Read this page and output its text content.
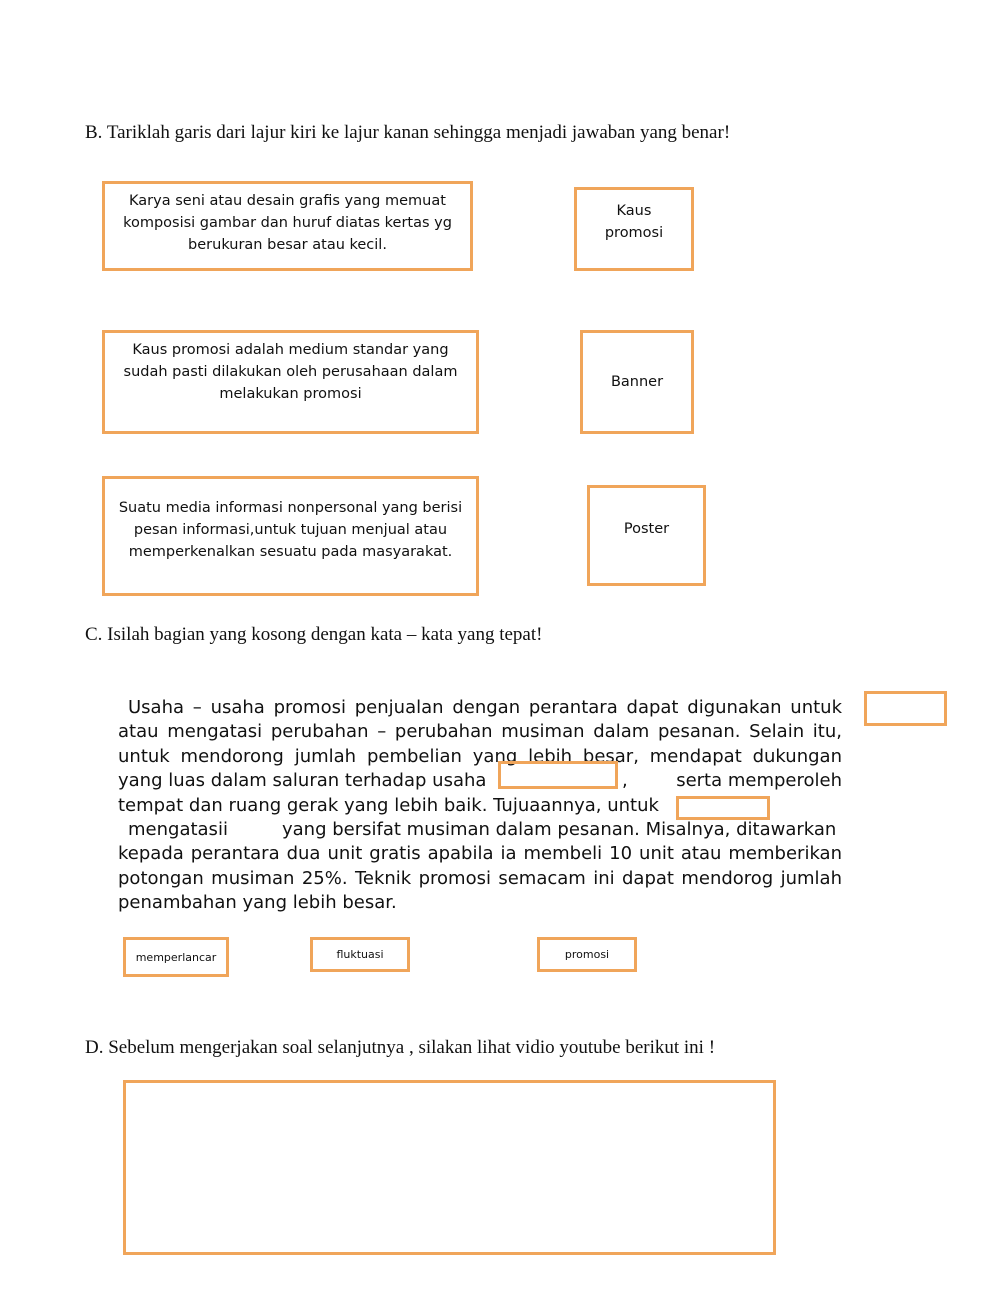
B. Tariklah garis dari lajur kiri ke lajur kanan sehingga menjadi jawaban yang benar!
Karya seni atau desain grafis yang memuat komposisi gambar dan huruf diatas kertas yg berukuran besar atau kecil.
Kaus promosi adalah medium standar yang sudah pasti dilakukan oleh perusahaan dalam melakukan promosi
Suatu media informasi nonpersonal yang berisi pesan informasi,untuk tujuan menjual atau memperkenalkan sesuatu pada masyarakat.
Kaus promosi
Banner
Poster
C. Isilah bagian yang kosong dengan kata – kata yang tepat!
Usaha – usaha promosi penjualan dengan perantara dapat digunakan untuk
atau mengatasi perubahan – perubahan musiman dalam pesanan. Selain itu,
untuk mendorong jumlah pembelian yang lebih besar, mendapat dukungan
yang luas dalam saluran terhadap usaha	,	serta memperoleh
tempat dan ruang gerak yang lebih baik. Tujuaannya, untuk
mengatasii	yang bersifat musiman dalam pesanan. Misalnya, ditawarkan
kepada perantara dua unit gratis apabila ia membeli 10 unit atau memberikan
potongan musiman 25%. Teknik promosi semacam ini dapat mendorog jumlah
penambahan yang lebih besar.
memperlancar	fluktuasi	promosi
D. Sebelum mengerjakan soal selanjutnya , silakan lihat vidio youtube berikut ini !
